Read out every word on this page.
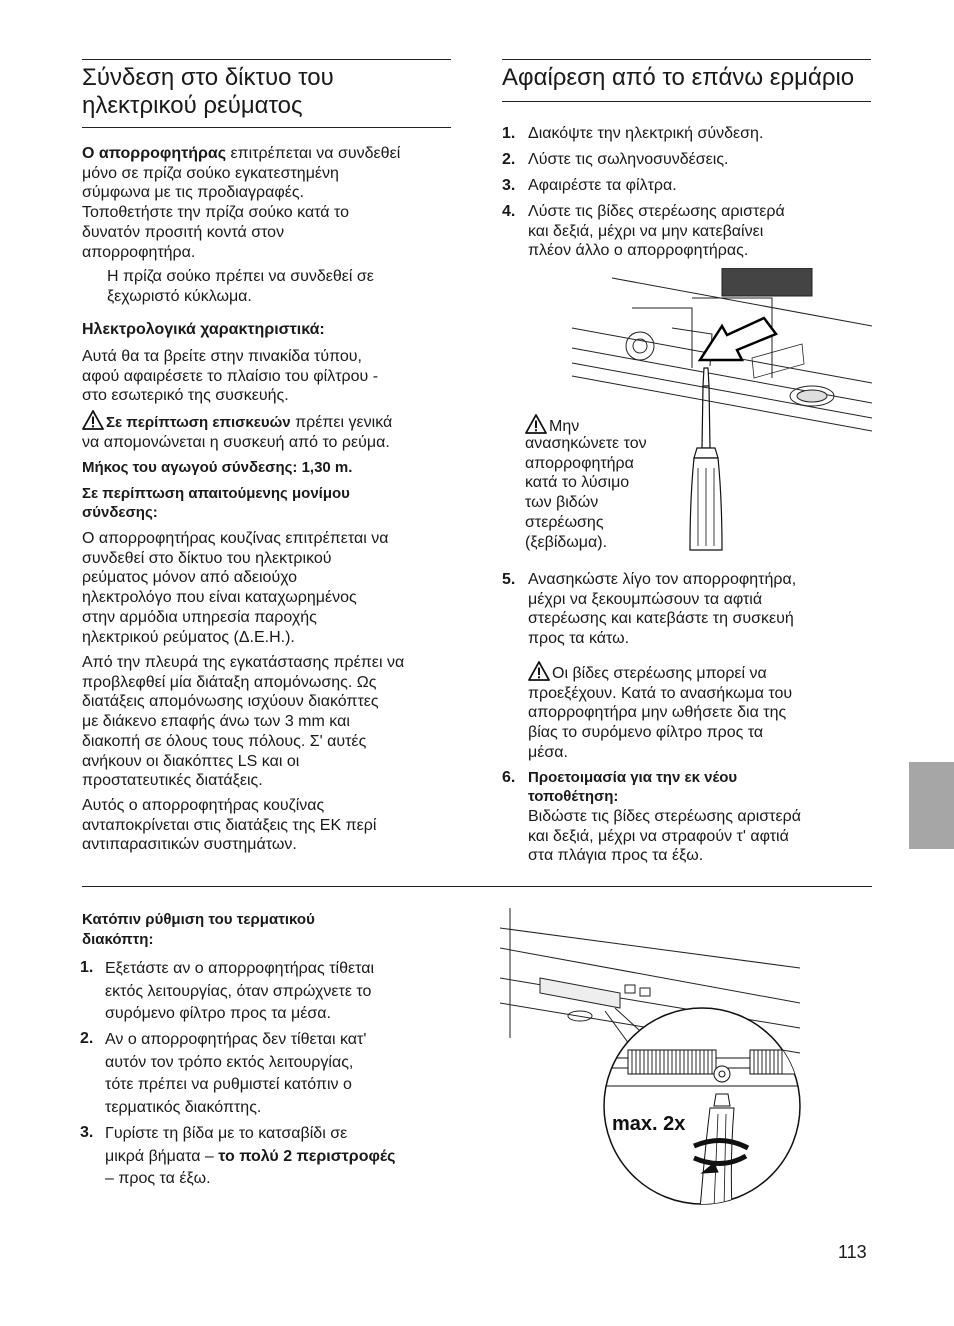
Σύνδεση στο δίκτυο του
ηλεκτρικού ρεύματος

Ο απορροφητήρας επιτρέπεται να συνδεθεί
μόνο σε πρίζα σούκο εγκατεστημένη
σύμφωνα με τις προδιαγραφές.
Τοποθετήστε την πρίζα σούκο κατά το
δυνατόν προσιτή κοντά στον
απορροφητήρα.

Η πρίζα σούκο πρέπει να συνδεθεί σε
ξεχωριστό κύκλωμα.

Ηλεκτρολογικά χαρακτηριστικά:

Αυτά θα τα βρείτε στην πινακίδα τύπου,
αφού αφαιρέσετε το πλαίσιο του φίλτρου -
στο εσωτερικό της συσκευής.

Σε περίπτωση επισκευών πρέπει γενικά
να απομονώνεται η συσκευή από το ρεύμα.

Μήκος του αγωγού σύνδεσης: 1,30 m.

Σε περίπτωση απαιτούμενης μονίμου
σύνδεσης:

Ο απορροφητήρας κουζίνας επιτρέπεται να
συνδεθεί στο δίκτυο του ηλεκτρικού
ρεύματος μόνον από αδειούχο
ηλεκτρολόγο που είναι καταχωρημένος
στην αρμόδια υπηρεσία παροχής
ηλεκτρικού ρεύματος (Δ.Ε.Η.).

Από την πλευρά της εγκατάστασης πρέπει να
προβλεφθεί μία διάταξη απομόνωσης. Ως
διατάξεις απομόνωσης ισχύουν διακόπτες
με διάκενο επαφής άνω των 3 mm και
διακοπή σε όλους τους πόλους. Σ' αυτές
ανήκουν οι διακόπτες LS και οι
προστατευτικές διατάξεις.

Αυτός ο απορροφητήρας κουζίνας
ανταποκρίνεται στις διατάξεις της ΕΚ περί
αντιπαρασιτικών συστημάτων.

Αφαίρεση από το επάνω ερμάριο
1. Διακόψτε την ηλεκτρική σύνδεση.

2. Λύστε τις σωληνοσυνδέσεις.

3. Αφαιρέστε τα φίλτρα.

4. Λύστε τις βίδες στερέωσης αριστερά
και δεξιά, μέχρι να μην κατεβαίνει
πλέον άλλο ο απορροφητήρας.

Μην

ανασηκώνετε τον
απορροφητήρα
κατά το λύσιμο
των βιδών
στερέωσης
(ξεβίδωμα).

5. Ανασηκώστε λίγο τον απορροφητήρα,
μέχρι να ξεκουμπώσουν τα αφτιά
στερέωσης και κατεβάστε τη συσκευή
προς τα κάτω.

Οι βίδες στερέωσης μπορεί να
προεξέχουν. Κατά το ανασήκωμα του
απορροφητήρα μην ωθήσετε δια της
βίας το συρόμενο φίλτρο προς τα
μέσα.

6. Προετοιμασία για την εκ νέου
τοποθέτηση:

Βιδώστε τις βίδες στερέωσης αριστερά
και δεξιά, μέχρι να στραφούν τ' αφτιά
στα πλάγια προς τα έξω.

Κατόπιν ρύθμιση του τερματικού
διακόπτη:

1. Εξετάστε αν ο απορροφητήρας τίθεται
εκτός λειτουργίας, όταν σπρώχνετε το
συρόμενο φίλτρο προς τα μέσα.

2. Αν ο απορροφητήρας δεν τίθεται κατ'
αυτόν τον τρόπο εκτός λειτουργίας,
τότε πρέπει να ρυθμιστεί κατόπιν ο
τερματικός διακόπτης.

3. Γυρίστε τη βίδα με το κατσαβίδι σε
μικρά βήματα – το πολύ 2 περιστροφές
– προς τα έξω.

max. 2x
113
